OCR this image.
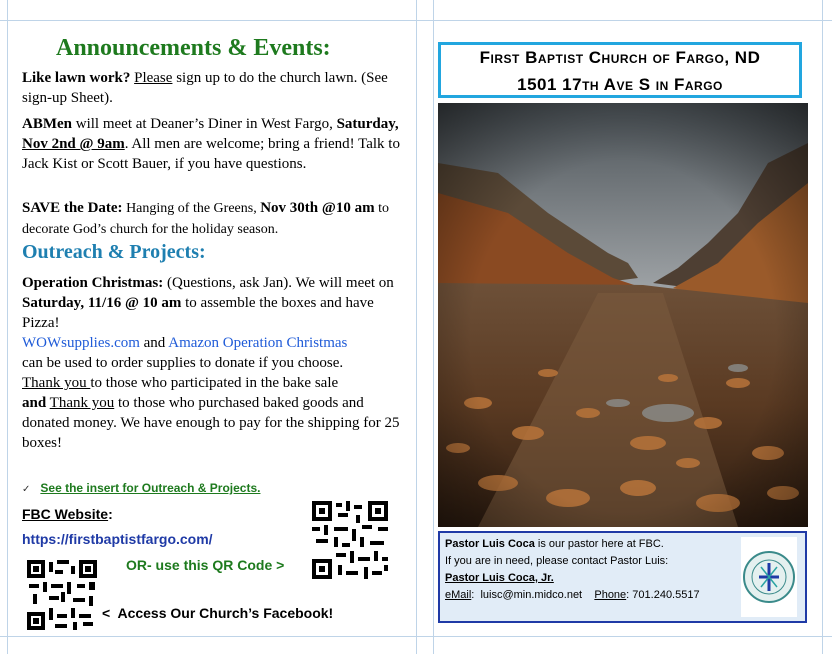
Announcements & Events:
Like lawn work? Please sign up to do the church lawn. (See sign-up Sheet).
ABMen will meet at Deaner’s Diner in West Fargo, Saturday, Nov 2nd @ 9am. All men are welcome; bring a friend! Talk to Jack Kist or Scott Bauer, if you have questions.
SAVE the Date: Hanging of the Greens, Nov 30th @10 am to decorate God’s church for the holiday season.
Outreach & Projects:
Operation Christmas: (Questions, ask Jan). We will meet on Saturday, 11/16 @ 10 am to assemble the boxes and have Pizza!
WOWsupplies.com and Amazon Operation Christmas
can be used to order supplies to donate if you choose.
Thank you to those who participated in the bake sale
and Thank you to those who purchased baked goods and donated money. We have enough to pay for the shipping for 25 boxes!
✓ See the insert for Outreach & Projects.
FBC Website:
https://firstbaptistfargo.com/
OR- use this QR Code >
< Access Our Church’s Facebook!
First Baptist Church of Fargo, ND
1501 17th Ave S in Fargo
Pastor Luis Coca is our pastor here at FBC.
If you are in need, please contact Pastor Luis:
Pastor Luis Coca, Jr.
eMail:  luisc@min.midco.net Phone: 701.240.5517
